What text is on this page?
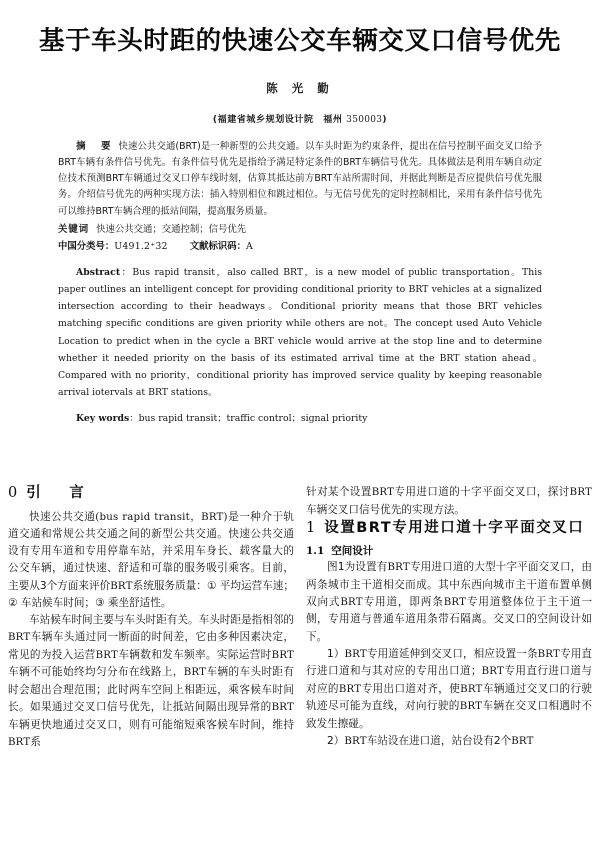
基于车头时距的快速公交车辆交叉口信号优先
陈 光 勤
(福建省城乡规划设计院　福州 350003)
摘　要 快速公共交通(BRT)是一种新型的公共交通。以车头时距为约束条件，提出在信号控制平面交叉口给予BRT车辆有条件信号优先。有条件信号优先是指给予满足特定条件的BRT车辆信号优先。具体做法是利用车辆自动定位技术预测BRT车辆通过交叉口停车线时刻，估算其抵达前方BRT车站所需时间，并据此判断是否应提供信号优先服务。介绍信号优先的两种实现方法：插入特别相位和跳过相位。与无信号优先的定时控制相比，采用有条件信号优先可以维持BRT车辆合理的抵站间隔，提高服务质量。
关键词 快速公共交通；交通控制；信号优先
中国分类号：U491.2⁺32 文献标识码：A
Abstract：Bus rapid transit，also called BRT，is a new model of public transportation。This paper outlines an intelligent concept for providing conditional priority to BRT vehicles at a signalized intersection according to their headways。Conditional priority means that those BRT vehicles matching specific conditions are given priority while others are not。The concept used Auto Vehicle Location to predict when in the cycle a BRT vehicle would arrive at the stop line and to determine whether it needed priority on the basis of its estimated arrival time at the BRT station ahead。Compared with no priority，conditional priority has improved service quality by keeping reasonable arrival iotervals at BRT stations。
Key words：bus rapid transit；traffic control；signal priority
0 引　言

快速公共交通(bus rapid transit，BRT)是一种介于轨道交通和常规公共交通之间的新型公共交通。快速公共交通设有专用车道和专用停靠车站，并采用车身长、载客量大的公交车辆，通过快速、舒适和可靠的服务吸引乘客。目前，主要从3个方面来评价BRT系统服务质量：① 平均运营车速；② 车站候车时间；③ 乘坐舒适性。

车站候车时间主要与车头时距有关。车头时距是指相邻的BRT车辆车头通过同一断面的时间差，它由多种因素决定，常见的为投入运营BRT车辆数和发车频率。实际运营时BRT车辆不可能始终均匀分布在线路上，BRT车辆的车头时距有时会超出合理范围；此时两车空间上相距远，乘客候车时间长。如果通过交叉口信号优先，让抵站间隔出现异常的BRT车辆更快地通过交叉口，则有可能缩短乘客候车时间，维持BRT系

针对某个设置BRT专用进口道的十字平面交叉口，探讨BRT车辆交叉口信号优先的实现方法。

1 设置BRT专用进口道十字平面交叉口
1.1 空间设计

图1为设置有BRT专用进口道的大型十字平面交叉口，由两条城市主干道相交而成。其中东西向城市主干道布置单侧双向式BRT专用道，即两条BRT专用道整体位于主干道一侧，专用道与普通车道用条带石隔离。交叉口的空间设计如下。

1）BRT专用道延伸到交叉口，相应设置一条BRT专用直行进口道和与其对应的专用出口道；BRT专用直行进口道与对应的BRT专用出口道对齐，使BRT车辆通过交叉口的行驶轨迹尽可能为直线，对向行驶的BRT车辆在交叉口相遇时不致发生擦碰。

2）BRT车站设在进口道，站台设有2个BRT
